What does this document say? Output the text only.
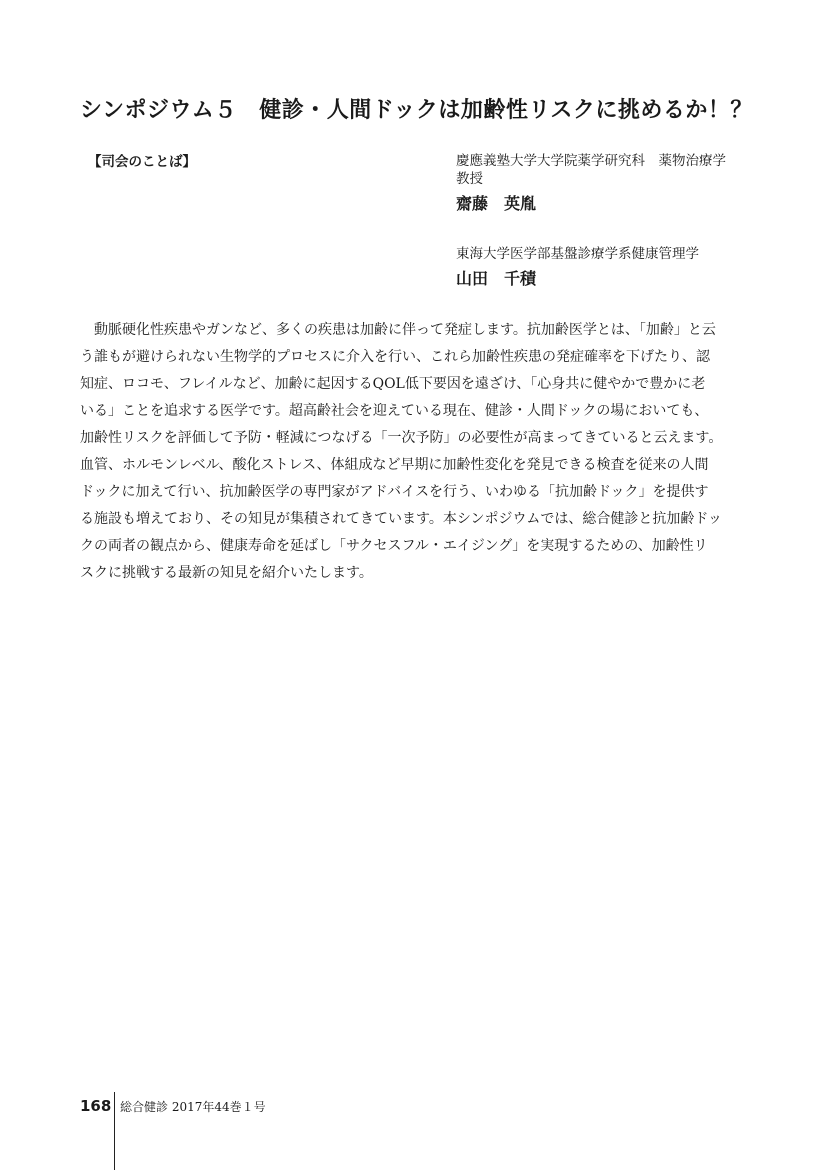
シンポジウム５　健診・人間ドックは加齢性リスクに挑めるか！？
【司会のことば】	慶應義塾大学大学院薬学研究科　薬物治療学
教授
齋藤　英胤
東海大学医学部基盤診療学系健康管理学
山田　千積
動脈硬化性疾患やガンなど、多くの疾患は加齢に伴って発症します。抗加齢医学とは、「加齢」と云
う誰もが避けられない生物学的プロセスに介入を行い、これら加齢性疾患の発症確率を下げたり、認
知症、ロコモ、フレイルなど、加齢に起因するQOL低下要因を遠ざけ、「心身共に健やかで豊かに老
いる」ことを追求する医学です。超高齢社会を迎えている現在、健診・人間ドックの場においても、
加齢性リスクを評価して予防・軽減につなげる「一次予防」の必要性が高まってきていると云えます。
血管、ホルモンレベル、酸化ストレス、体組成など早期に加齢性変化を発見できる検査を従来の人間
ドックに加えて行い、抗加齢医学の専門家がアドバイスを行う、いわゆる「抗加齢ドック」を提供す
る施設も増えており、その知見が集積されてきています。本シンポジウムでは、総合健診と抗加齢ドッ
クの両者の観点から、健康寿命を延ばし「サクセスフル・エイジング」を実現するための、加齢性リ
スクに挑戦する最新の知見を紹介いたします。
168 総合健診 2017年44巻１号
